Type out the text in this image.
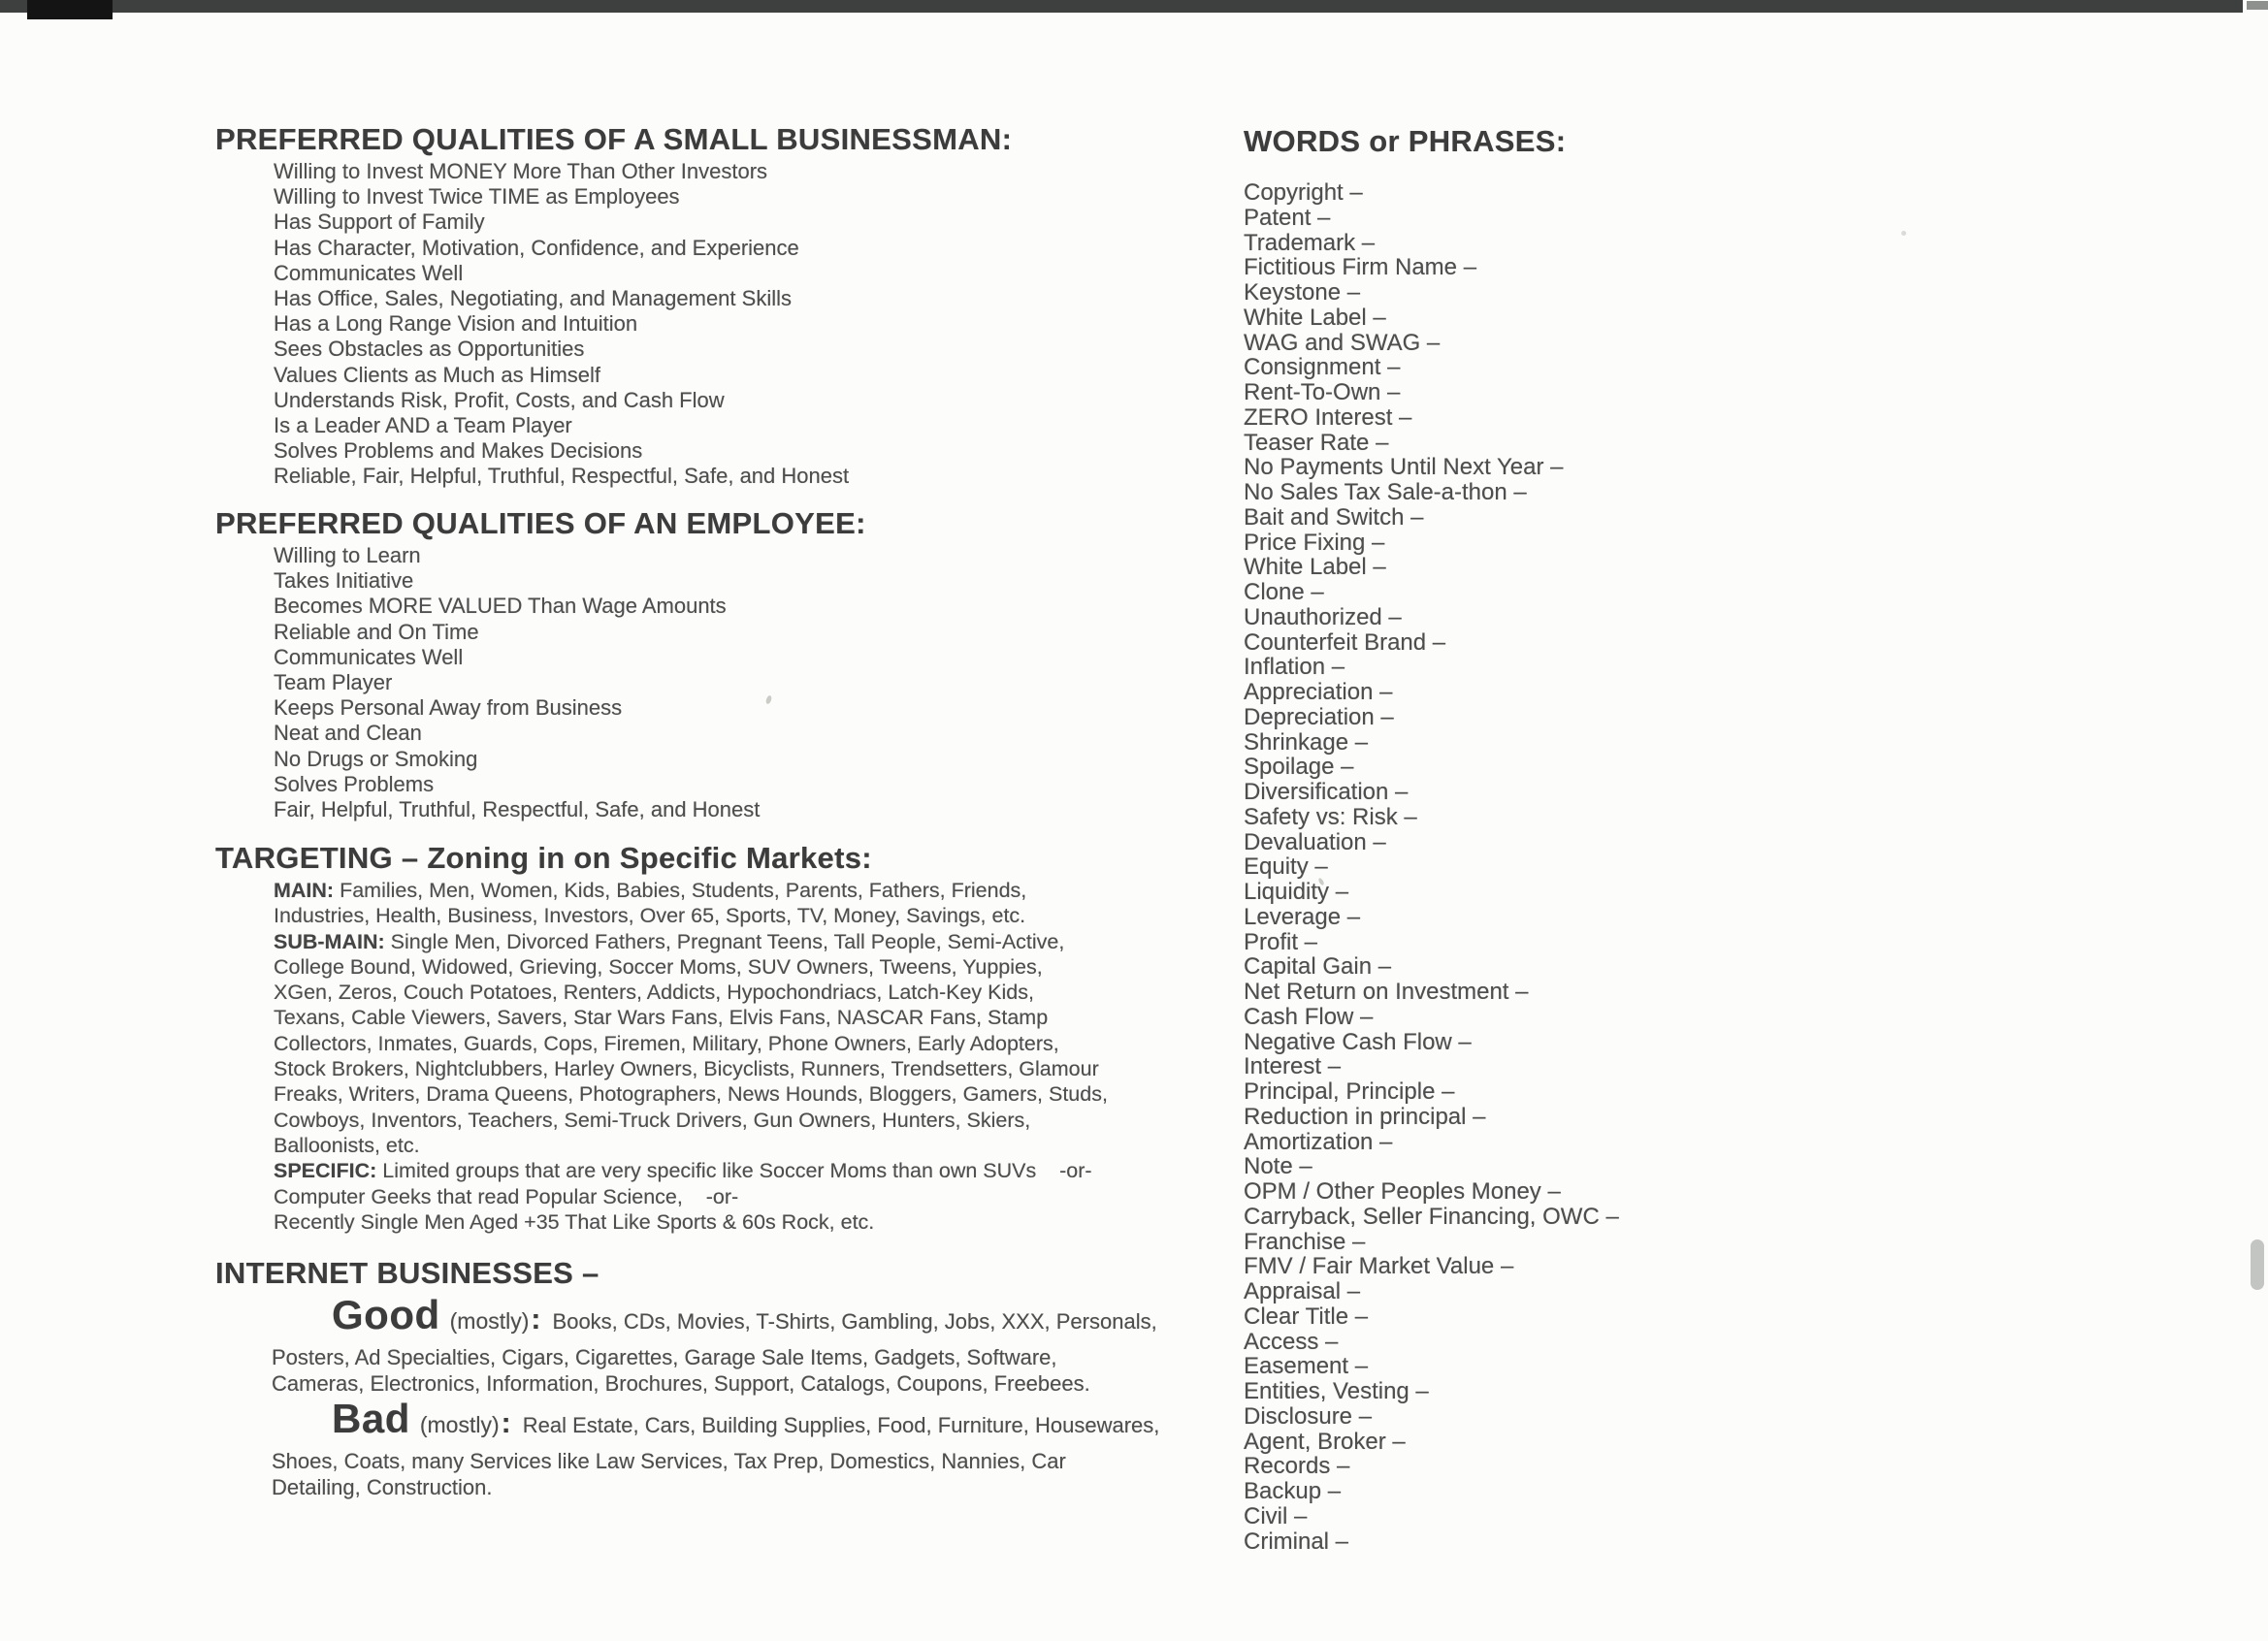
PREFERRED QUALITIES OF A SMALL BUSINESSMAN:
Willing to Invest MONEY More Than Other Investors
Willing to Invest Twice TIME as Employees
Has Support of Family
Has Character, Motivation, Confidence, and Experience
Communicates Well
Has Office, Sales, Negotiating, and Management Skills
Has a Long Range Vision and Intuition
Sees Obstacles as Opportunities
Values Clients as Much as Himself
Understands Risk, Profit, Costs, and Cash Flow
Is a Leader AND a Team Player
Solves Problems and Makes Decisions
Reliable, Fair, Helpful, Truthful, Respectful, Safe, and Honest
PREFERRED QUALITIES OF AN EMPLOYEE:
Willing to Learn
Takes Initiative
Becomes MORE VALUED Than Wage Amounts
Reliable and On Time
Communicates Well
Team Player
Keeps Personal Away from Business
Neat and Clean
No Drugs or Smoking
Solves Problems
Fair, Helpful, Truthful, Respectful, Safe, and Honest
TARGETING – Zoning in on Specific Markets:
MAIN: Families, Men, Women, Kids, Babies, Students, Parents, Fathers, Friends,
Industries, Health, Business, Investors, Over 65, Sports, TV, Money, Savings, etc.
SUB-MAIN: Single Men, Divorced Fathers, Pregnant Teens, Tall People, Semi-Active,
College Bound, Widowed, Grieving, Soccer Moms, SUV Owners, Tweens, Yuppies,
XGen, Zeros, Couch Potatoes, Renters, Addicts, Hypochondriacs, Latch-Key Kids,
Texans, Cable Viewers, Savers, Star Wars Fans, Elvis Fans, NASCAR Fans, Stamp
Collectors, Inmates, Guards, Cops, Firemen, Military, Phone Owners, Early Adopters,
Stock Brokers, Nightclubbers, Harley Owners, Bicyclists, Runners, Trendsetters, Glamour
Freaks, Writers, Drama Queens, Photographers, News Hounds, Bloggers, Gamers, Studs,
Cowboys, Inventors, Teachers, Semi-Truck Drivers, Gun Owners, Hunters, Skiers,
Balloonists, etc.
SPECIFIC: Limited groups that are very specific like Soccer Moms than own SUVs    -or-
Computer Geeks that read Popular Science,    -or-
Recently Single Men Aged +35 That Like Sports & 60s Rock, etc.
INTERNET BUSINESSES –
Good (mostly): Books, CDs, Movies, T-Shirts, Gambling, Jobs, XXX, Personals,
Posters, Ad Specialties, Cigars, Cigarettes, Garage Sale Items, Gadgets, Software,
Cameras, Electronics, Information, Brochures, Support, Catalogs, Coupons, Freebees.
Bad (mostly): Real Estate, Cars, Building Supplies, Food, Furniture, Housewares,
Shoes, Coats, many Services like Law Services, Tax Prep, Domestics, Nannies, Car
Detailing, Construction.
WORDS or PHRASES:
Copyright –
Patent –
Trademark –
Fictitious Firm Name –
Keystone –
White Label –
WAG and SWAG –
Consignment –
Rent-To-Own –
ZERO Interest –
Teaser Rate –
No Payments Until Next Year –
No Sales Tax Sale-a-thon –
Bait and Switch –
Price Fixing –
White Label –
Clone –
Unauthorized –
Counterfeit Brand –
Inflation –
Appreciation –
Depreciation –
Shrinkage –
Spoilage –
Diversification –
Safety vs: Risk –
Devaluation –
Equity –
Liquidity –
Leverage –
Profit –
Capital Gain –
Net Return on Investment –
Cash Flow –
Negative Cash Flow –
Interest –
Principal, Principle –
Reduction in principal –
Amortization –
Note –
OPM / Other Peoples Money –
Carryback, Seller Financing, OWC –
Franchise –
FMV / Fair Market Value –
Appraisal –
Clear Title –
Access –
Easement –
Entities, Vesting –
Disclosure –
Agent, Broker –
Records –
Backup –
Civil –
Criminal –
